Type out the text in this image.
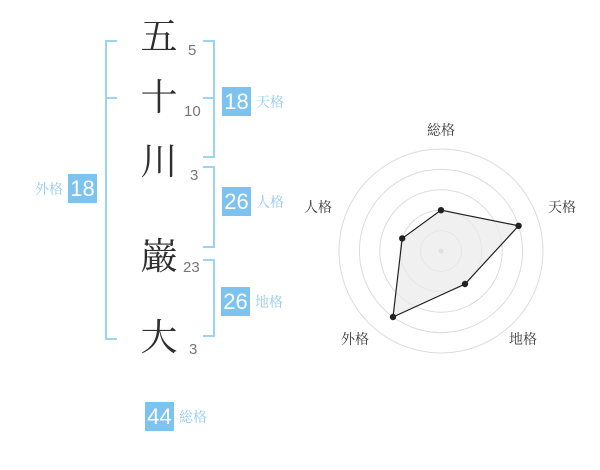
五
十
川
巌
大
5
10
3
23
3
18 天格
26 人格
26 地格
外格 18
44 総格
総格
天格
地格
外格
人格
